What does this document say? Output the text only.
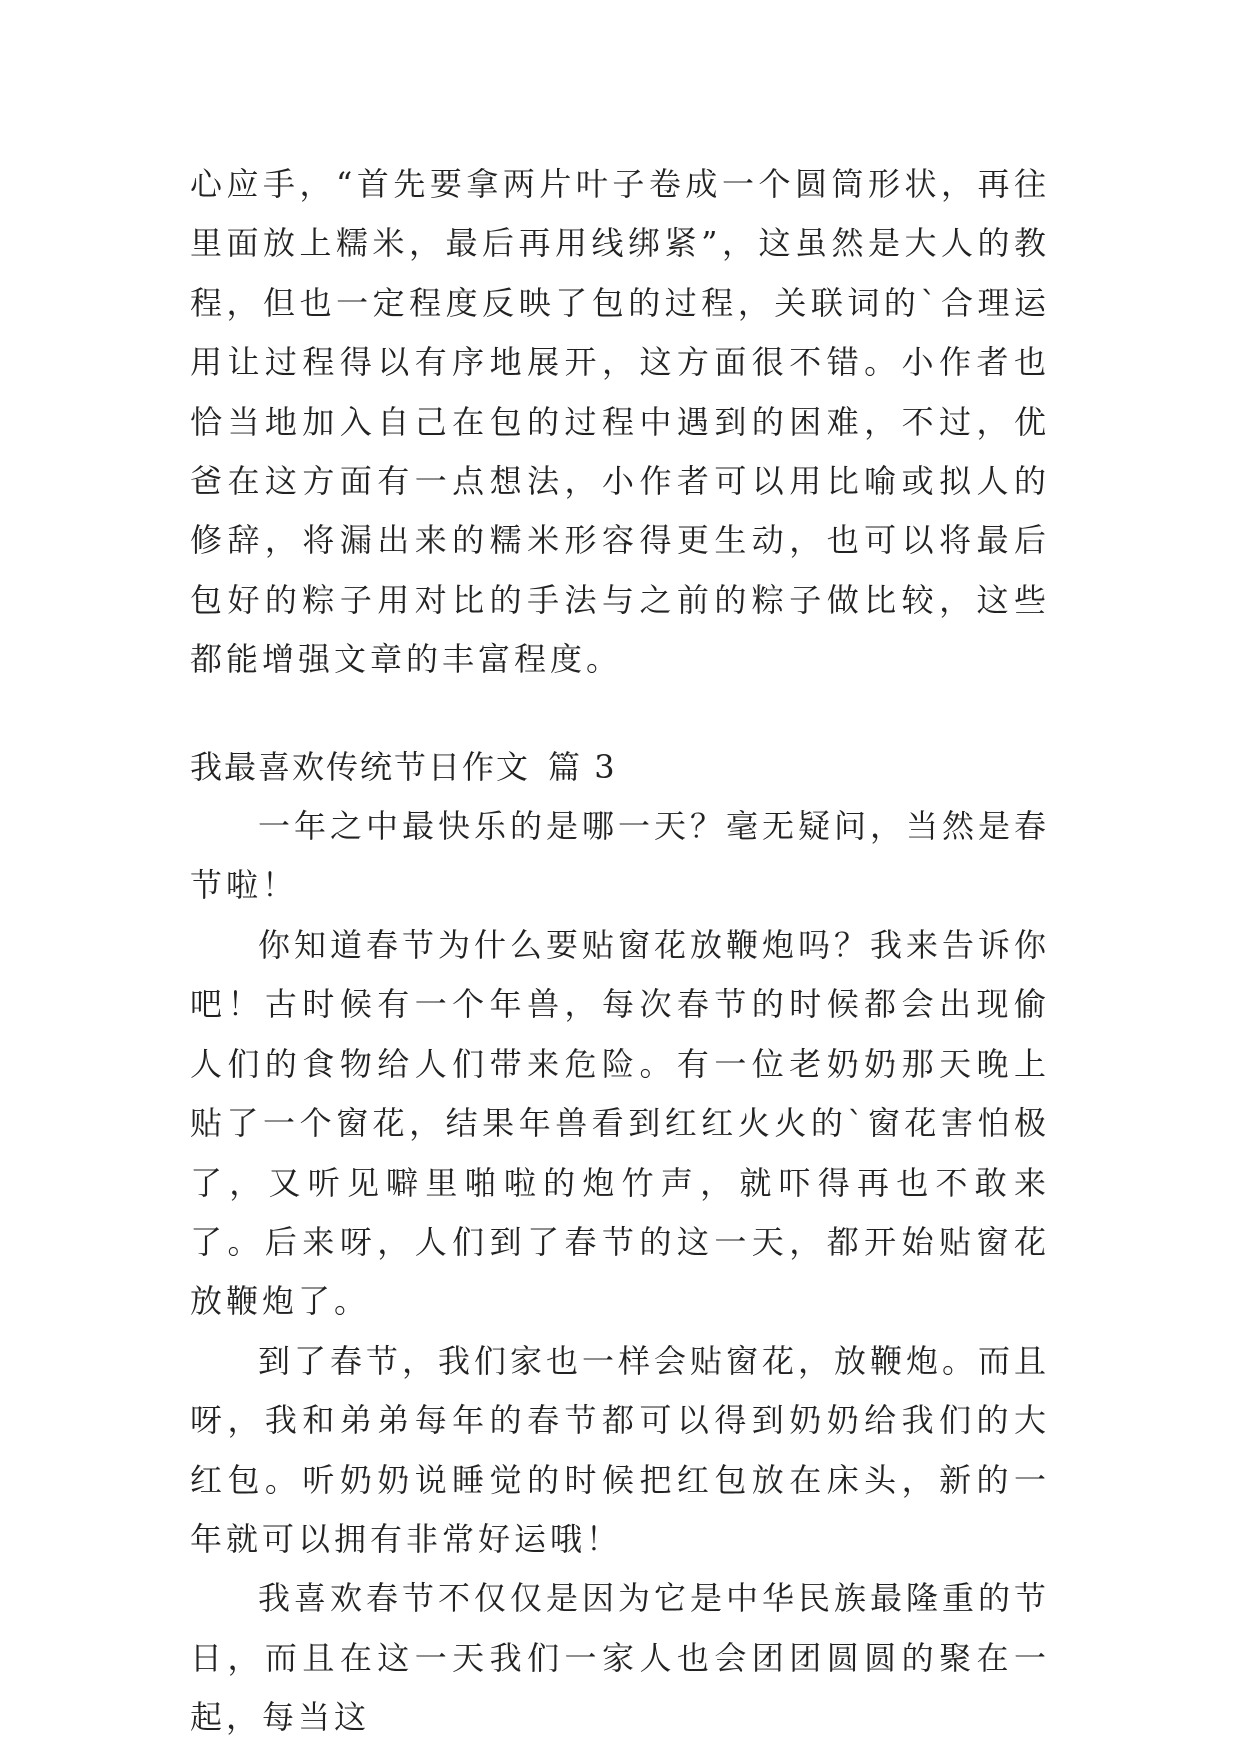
心应手，“首先要拿两片叶子卷成一个圆筒形状，再往里面放上糯米，最后再用线绑紧”，这虽然是大人的教程，但也一定程度反映了包的过程，关联词的`合理运用让过程得以有序地展开，这方面很不错。小作者也恰当地加入自己在包的过程中遇到的困难，不过，优爸在这方面有一点想法，小作者可以用比喻或拟人的修辞，将漏出来的糯米形容得更生动，也可以将最后包好的粽子用对比的手法与之前的粽子做比较，这些都能增强文章的丰富程度。

我最喜欢传统节日作文 篇 3

一年之中最快乐的是哪一天？毫无疑问，当然是春节啦！

你知道春节为什么要贴窗花放鞭炮吗？我来告诉你吧！古时候有一个年兽，每次春节的时候都会出现偷人们的食物给人们带来危险。有一位老奶奶那天晚上贴了一个窗花，结果年兽看到红红火火的`窗花害怕极了，又听见噼里啪啦的炮竹声，就吓得再也不敢来了。后来呀，人们到了春节的这一天，都开始贴窗花放鞭炮了。

到了春节，我们家也一样会贴窗花，放鞭炮。而且呀，我和弟弟每年的春节都可以得到奶奶给我们的大红包。听奶奶说睡觉的时候把红包放在床头，新的一年就可以拥有非常好运哦！

我喜欢春节不仅仅是因为它是中华民族最隆重的节日，而且在这一天我们一家人也会团团圆圆的聚在一起，每当这
